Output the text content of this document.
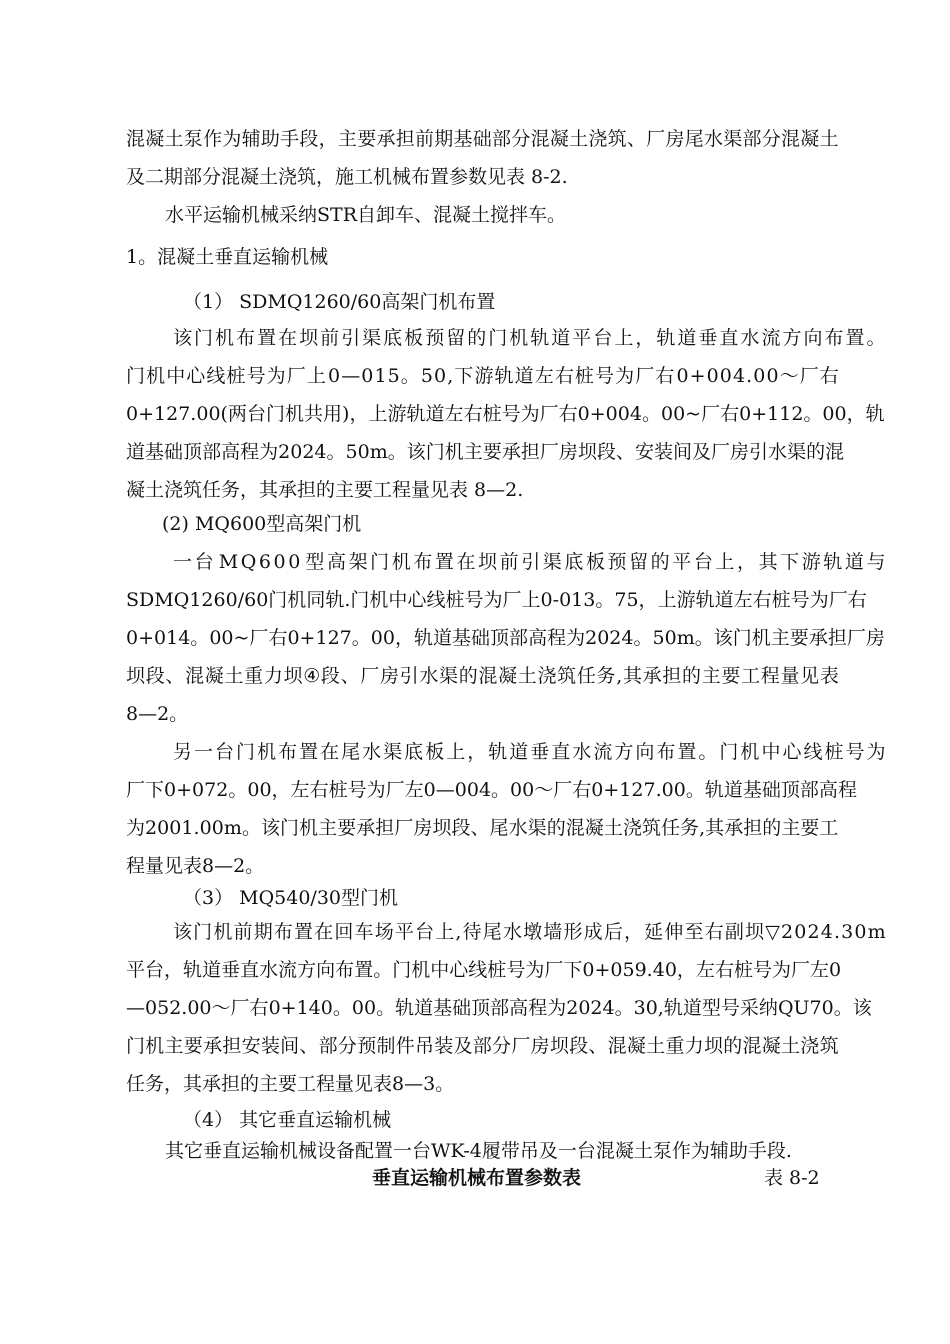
混 凝 土 泵 作 为 辅 助 手 段 ， 主 要 承 担 前 期 基 础 部 分 混 凝 土 浇 筑 、 厂 房 尾 水 渠 部 分 混 凝 土
及二期部分混凝土浇筑，施工机械布置参数见表 8-2.
水平运输机械采纳STR自卸车、混凝土搅拌车。
1。混凝土垂直运输机械
（1） SDMQ1260/60高架门机布置
该 门 机 布 置 在 坝 前 引 渠 底 板 预 留 的 门 机 轨 道 平 台 上 ， 轨 道 垂 直 水 流 方 向 布 置 。
门 机 中 心 线 桩 号 为 厂 上 0 — 0 1 5 。 5 0 , 下 游 轨 道 左 右 桩 号 为 厂 右 0 + 0 0 4 . 0 0 ～ 厂 右
0 + 1 2 7 . 0 0 ( 两 台 门 机 共 用 ) ， 上 游 轨 道 左 右 桩 号 为 厂 右 0 + 0 0 4 。 0 0 ~ 厂 右 0 + 1 1 2 。 0 0 ， 轨
道 基 础 顶 部 高 程 为 2 0 2 4 。 5 0 m 。 该 门 机 主 要 承 担 厂 房 坝 段 、 安 装 间 及 厂 房 引 水 渠 的 混
凝土浇筑任务，其承担的主要工程量见表 8—2.
(2) MQ600型高架门机
一 台 M Q 6 0 0 型 高 架 门 机 布 置 在 坝 前 引 渠 底 板 预 留 的 平 台 上 ， 其 下 游 轨 道 与
S D M Q 1 2 6 0 / 6 0 门 机 同 轨 . 门 机 中 心 线 桩 号 为 厂 上 0 - 0 1 3 。 7 5 ， 上 游 轨 道 左 右 桩 号 为 厂 右
0 + 0 1 4 。 0 0 ~ 厂 右 0 + 1 2 7 。 0 0 ， 轨 道 基 础 顶 部 高 程 为 2 0 2 4 。 5 0 m 。 该 门 机 主 要 承 担 厂 房
坝 段 、 混 凝 土 重 力 坝 ④ 段 、 厂 房 引 水 渠 的 混 凝 土 浇 筑 任 务 , 其 承 担 的 主 要 工 程 量 见 表
8—2。
另 一 台 门 机 布 置 在 尾 水 渠 底 板 上 ， 轨 道 垂 直 水 流 方 向 布 置 。 门 机 中 心 线 桩 号 为
厂 下 0 + 0 7 2 。 0 0 ， 左 右 桩 号 为 厂 左 0 — 0 0 4 。 0 0 ～ 厂 右 0 + 1 2 7 . 0 0 。 轨 道 基 础 顶 部 高 程
为 2 0 0 1 . 0 0 m 。 该 门 机 主 要 承 担 厂 房 坝 段 、 尾 水 渠 的 混 凝 土 浇 筑 任 务 , 其 承 担 的 主 要 工
程量见表8—2。
（3） MQ540/30型门机
该 门 机 前 期 布 置 在 回 车 场 平 台 上 , 待 尾 水 墩 墙 形 成 后 ， 延 伸 至 右 副 坝 ▽ 2 0 2 4 . 3 0 m
平 台 ， 轨 道 垂 直 水 流 方 向 布 置 。 门 机 中 心 线 桩 号 为 厂 下 0 + 0 5 9 . 4 0 ， 左 右 桩 号 为 厂 左 0
— 0 5 2 . 0 0 ～ 厂 右 0 + 1 4 0 。 0 0 。 轨 道 基 础 顶 部 高 程 为 2 0 2 4 。 3 0 , 轨 道 型 号 采 纳 Q U 7 0 。 该
门 机 主 要 承 担 安 装 间 、 部 分 预 制 件 吊 装 及 部 分 厂 房 坝 段 、 混 凝 土 重 力 坝 的 混 凝 土 浇 筑
任务，其承担的主要工程量见表8—3。
（4） 其它垂直运输机械
其它垂直运输机械设备配置一台WK-4履带吊及一台混凝土泵作为辅助手段.
垂直运输机械布置参数表	表 8-2
